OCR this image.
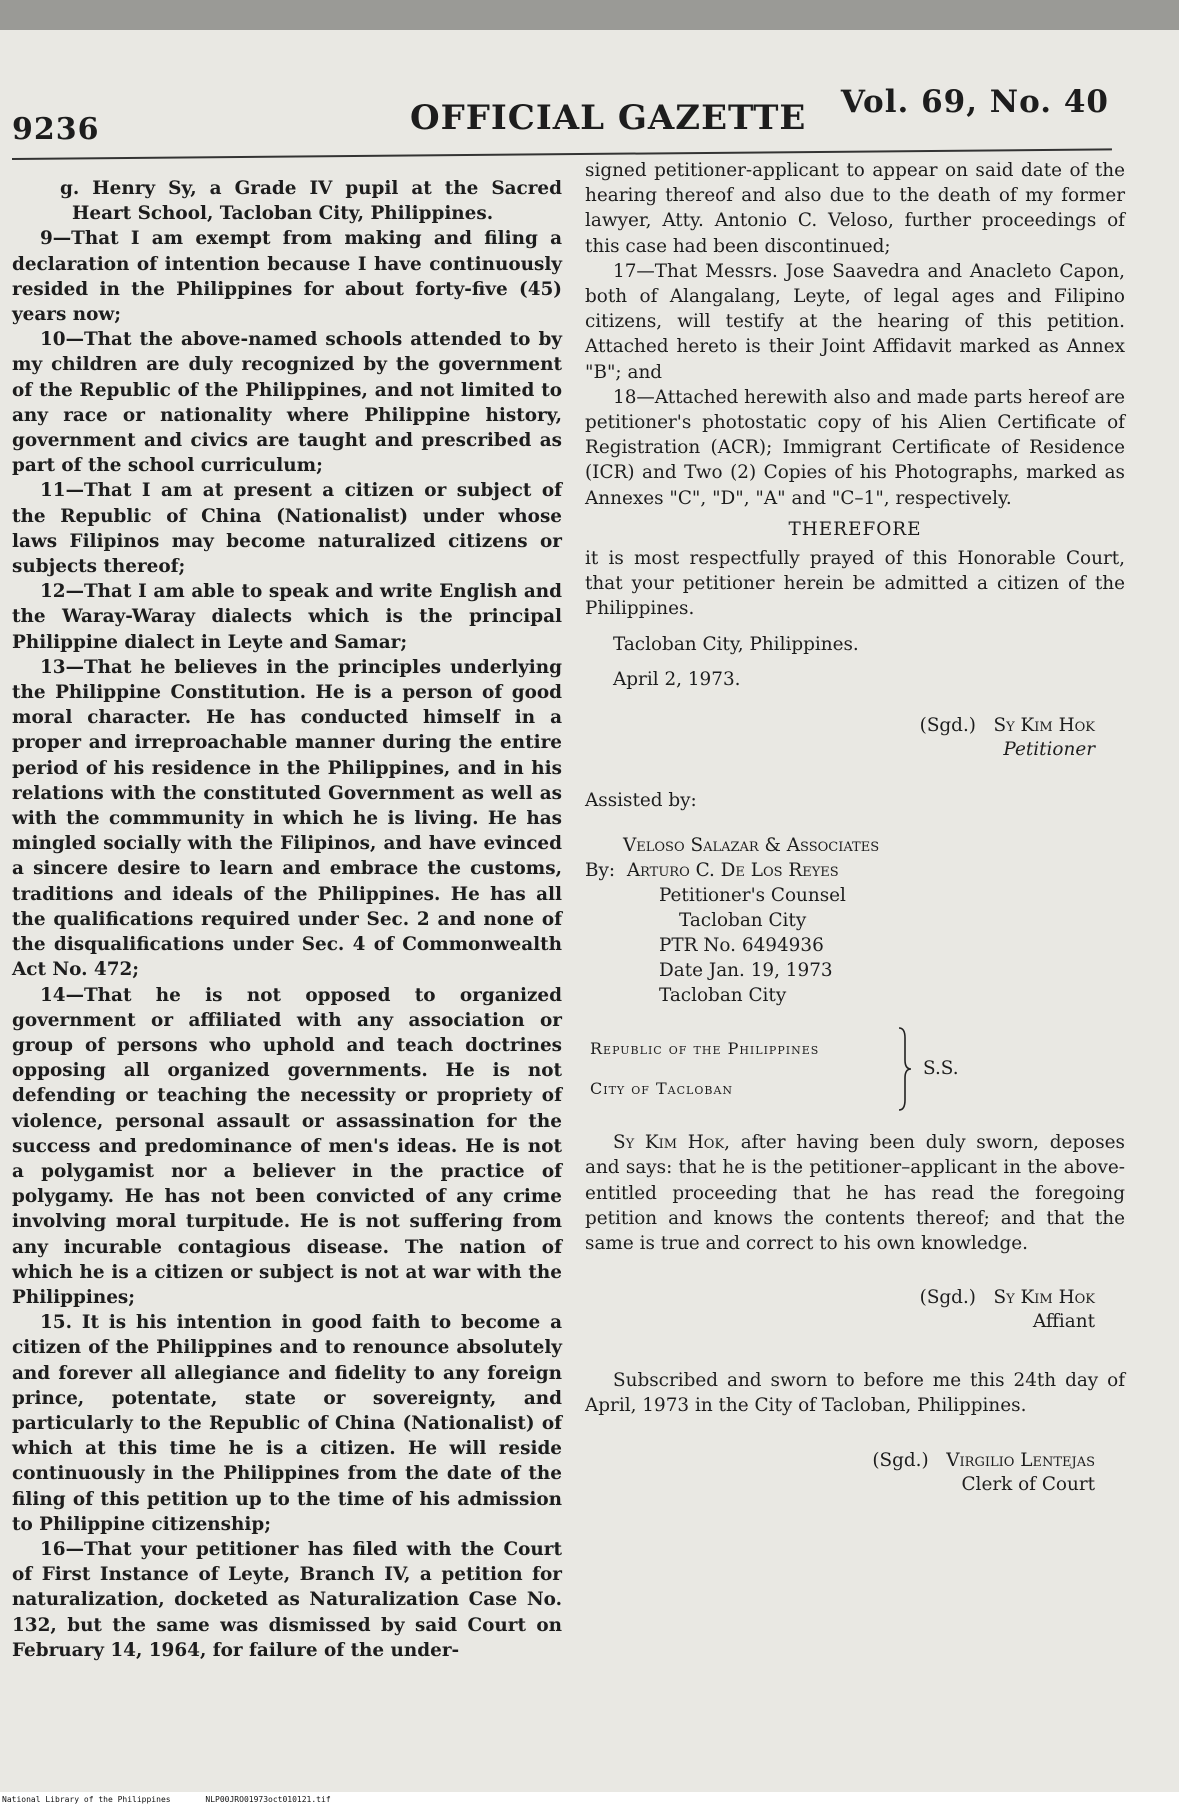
9236	OFFICIAL GAZETTE Vol. 69, No. 40

g. Henry Sy, a Grade IV pupil at the Sacred Heart School, Tacloban City, Philippines.

9—That I am exempt from making and filing a declaration of intention because I have continuously resided in the Philippines for about forty-five (45) years now;

10—That the above-named schools attended to by my children are duly recognized by the government of the Republic of the Philippines, and not limited to any race or nationality where Philippine history, government and civics are taught and prescribed as part of the school curriculum;

11—That I am at present a citizen or subject of the Republic of China (Nationalist) under whose laws Filipinos may become naturalized citizens or subjects thereof;

12—That I am able to speak and write English and the Waray-Waray dialects which is the principal Philippine dialect in Leyte and Samar;

13—That he believes in the principles underlying the Philippine Constitution. He is a person of good moral character. He has conducted himself in a proper and irreproachable manner during the entire period of his residence in the Philippines, and in his relations with the constituted Government as well as with the commmunity in which he is living. He has mingled socially with the Filipinos, and have evinced a sincere desire to learn and embrace the customs, traditions and ideals of the Philippines. He has all the qualifications required under Sec. 2 and none of the disqualifications under Sec. 4 of Commonwealth Act No. 472;

14—That he is not opposed to organized government or affiliated with any association or group of persons who uphold and teach doctrines opposing all organized governments. He is not defending or teaching the necessity or propriety of violence, personal assault or assassination for the success and predominance of men's ideas. He is not a polygamist nor a believer in the practice of polygamy. He has not been convicted of any crime involving moral turpitude. He is not suffering from any incurable contagious disease. The nation of which he is a citizen or subject is not at war with the Philippines;

15. It is his intention in good faith to become a citizen of the Philippines and to renounce absolutely and forever all allegiance and fidelity to any foreign prince, potentate, state or sovereignty, and particularly to the Republic of China (Nationalist) of which at this time he is a citizen. He will reside continuously in the Philippines from the date of the filing of this petition up to the time of his admission to Philippine citizenship;

16—That your petitioner has filed with the Court of First Instance of Leyte, Branch IV, a petition for naturalization, docketed as Naturalization Case No. 132, but the same was dismissed by said Court on February 14, 1964, for failure of the under-

signed petitioner-applicant to appear on said date of the hearing thereof and also due to the death of my former lawyer, Atty. Antonio C. Veloso, further proceedings of this case had been discontinued;

17—That Messrs. Jose Saavedra and Anacleto Capon, both of Alangalang, Leyte, of legal ages and Filipino citizens, will testify at the hearing of this petition. Attached hereto is their Joint Affidavit marked as Annex "B"; and

18—Attached herewith also and made parts hereof are petitioner's photostatic copy of his Alien Certificate of Registration (ACR); Immigrant Certificate of Residence (ICR) and Two (2) Copies of his Photographs, marked as Annexes "C", "D", "A" and "C–1", respectively.

THEREFORE

it is most respectfully prayed of this Honorable Court, that your petitioner herein be admitted a citizen of the Philippines.

Tacloban City, Philippines.

April 2, 1973.

(Sgd.) Sy Kim Hok
Petitioner

Assisted by:

Veloso Salazar & Associates
By: Arturo C. De Los Reyes
Petitioner's Counsel
Tacloban City
PTR No. 6494936
Date Jan. 19, 1973
Tacloban City
Republic of the Philippines
City of Tacloban
S.S.

Sy Kim Hok, after having been duly sworn, deposes and says: that he is the petitioner–applicant in the above-entitled proceeding that he has read the foregoing petition and knows the contents thereof; and that the same is true and correct to his own knowledge.

(Sgd.) Sy Kim Hok
Affiant

Subscribed and sworn to before me this 24th day of April, 1973 in the City of Tacloban, Philippines.

(Sgd.) Virgilio Lentejas
Clerk of Court
National Library of the Philippines	NLP00JRO01973oct010121.tif
